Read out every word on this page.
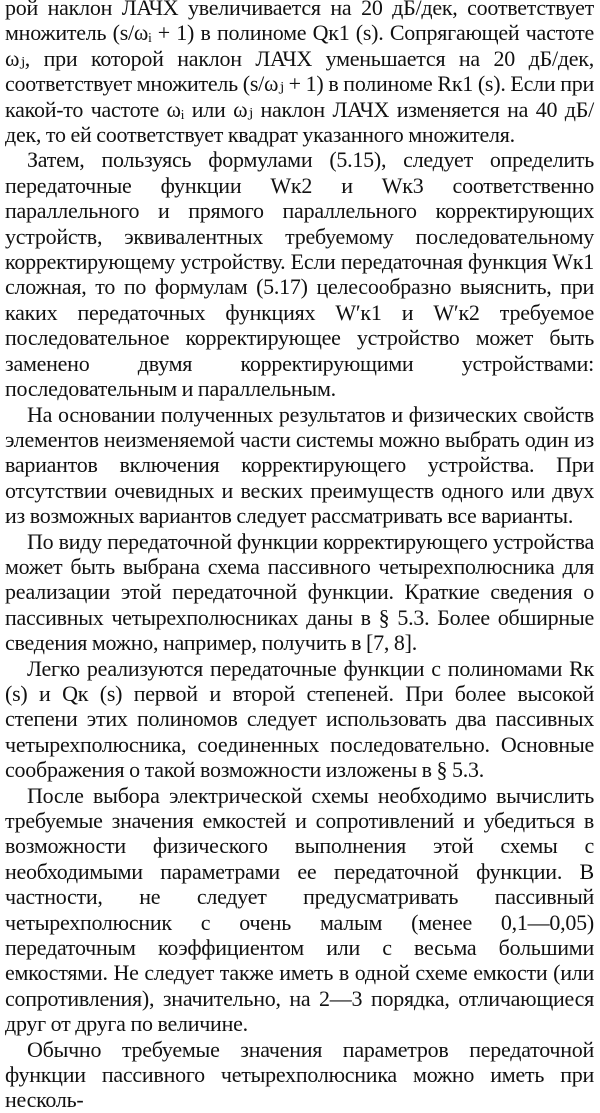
рой наклон ЛАЧХ увеличивается на 20 дБ/дек, соответствует множитель (s/ωᵢ + 1) в полиноме Qк1 (s). Сопрягающей частоте ωⱼ, при которой наклон ЛАЧХ уменьшается на 20 дБ/дек, соответствует множитель (s/ωⱼ + 1) в полиноме Rк1 (s). Если при какой-то частоте ωᵢ или ωⱼ наклон ЛАЧХ изменяется на 40 дБ/дек, то ей соответствует квадрат указанного множителя.

Затем, пользуясь формулами (5.15), следует определить передаточные функции Wк2 и Wк3 соответственно параллельного и прямого параллельного корректирующих устройств, эквивалентных требуемому последовательному корректирующему устройству. Если передаточная функция Wк1 сложная, то по формулам (5.17) целесообразно выяснить, при каких передаточных функциях W′к1 и W′к2 требуемое последовательное корректирующее устройство может быть заменено двумя корректирующими устройствами: последовательным и параллельным.

На основании полученных результатов и физических свойств элементов неизменяемой части системы можно выбрать один из вариантов включения корректирующего устройства. При отсутствии очевидных и веских преимуществ одного или двух из возможных вариантов следует рассматривать все варианты.

По виду передаточной функции корректирующего устройства может быть выбрана схема пассивного четырехполюсника для реализации этой передаточной функции. Краткие сведения о пассивных четырехполюсниках даны в § 5.3. Более обширные сведения можно, например, получить в [7, 8].

Легко реализуются передаточные функции с полиномами Rк (s) и Qк (s) первой и второй степеней. При более высокой степени этих полиномов следует использовать два пассивных четырехполюсника, соединенных последовательно. Основные соображения о такой возможности изложены в § 5.3.

После выбора электрической схемы необходимо вычислить требуемые значения емкостей и сопротивлений и убедиться в возможности физического выполнения этой схемы с необходимыми параметрами ее передаточной функции. В частности, не следует предусматривать пассивный четырехполюсник с очень малым (менее 0,1—0,05) передаточным коэффициентом или с весьма большими емкостями. Не следует также иметь в одной схеме емкости (или сопротивления), значительно, на 2—3 порядка, отличающиеся друг от друга по величине.

Обычно требуемые значения параметров передаточной функции пассивного четырехполюсника можно иметь при несколь-
